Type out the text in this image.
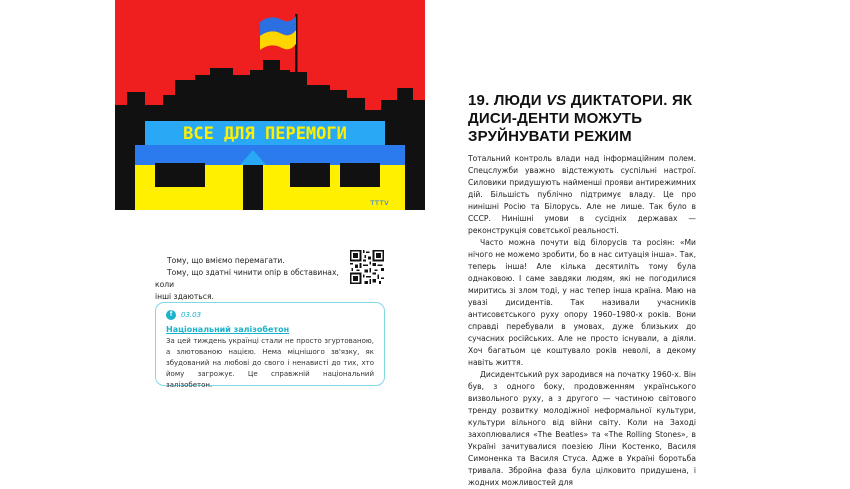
ВСЕ ДЛЯ ПЕРЕМОГИ
тттv

Тому, що вміємо перемагати.

Тому, що здатні чинити опір в обставинах, коли

інші здаються.

f	03.03
Національний залізобетон
За цей тиждень українці стали не просто згуртованою, а злютованою нацією. Нема міцнішого зв'язку, як збудований на любові до свого і ненависті до тих, хто йому загрожує. Це справжній національний залізобетон.
19. ЛЮДИ VS ДИКТАТОРИ. ЯК ДИСИ-ДЕНТИ МОЖУТЬ ЗРУЙНУВАТИ РЕЖИМ

Тотальний контроль влади над інформаційним полем. Спецслужби уважно відстежують суспільні настрої. Силовики придушують найменші прояви антирежимних дій. Більшість публічно підтримує владу. Це про нинішні Росію та Білорусь. Але не лише. Так було в СССР. Нинішні умови в сусідніх державах — реконструкція совєтської реальності.

Часто можна почути від білорусів та росіян: «Ми нічого не можемо зробити, бо в нас ситуація інша». Так, теперь інша! Але кілька десятиліть тому була однаковою. І саме завдяки людям, які не погодилися миритись зі злом тоді, у нас тепер інша країна. Маю на увазі дисидентів. Так називали учасників антисовєтського руху опору 1960–1980-х років. Вони справді перебували в умовах, дуже близьких до сучасних російських. Але не просто існували, а діяли. Хоч багатьом це коштувало років неволі, а декому навіть життя.

Дисидентський рух зародився на початку 1960-х. Він був, з одного боку, продовженням українського визвольного руху, а з другого — частиною світового тренду розвитку молодіжної неформальної культури, культури вільного від війни світу. Коли на Заході захоплювалися «The Beatles» та «The Rolling Stones», в Україні зачитувалися поезією Ліни Костенко, Василя Симоненка та Василя Стуса. Адже в Україні боротьба тривала. Збройна фаза була цілковито придушена, і жодних можливостей для
